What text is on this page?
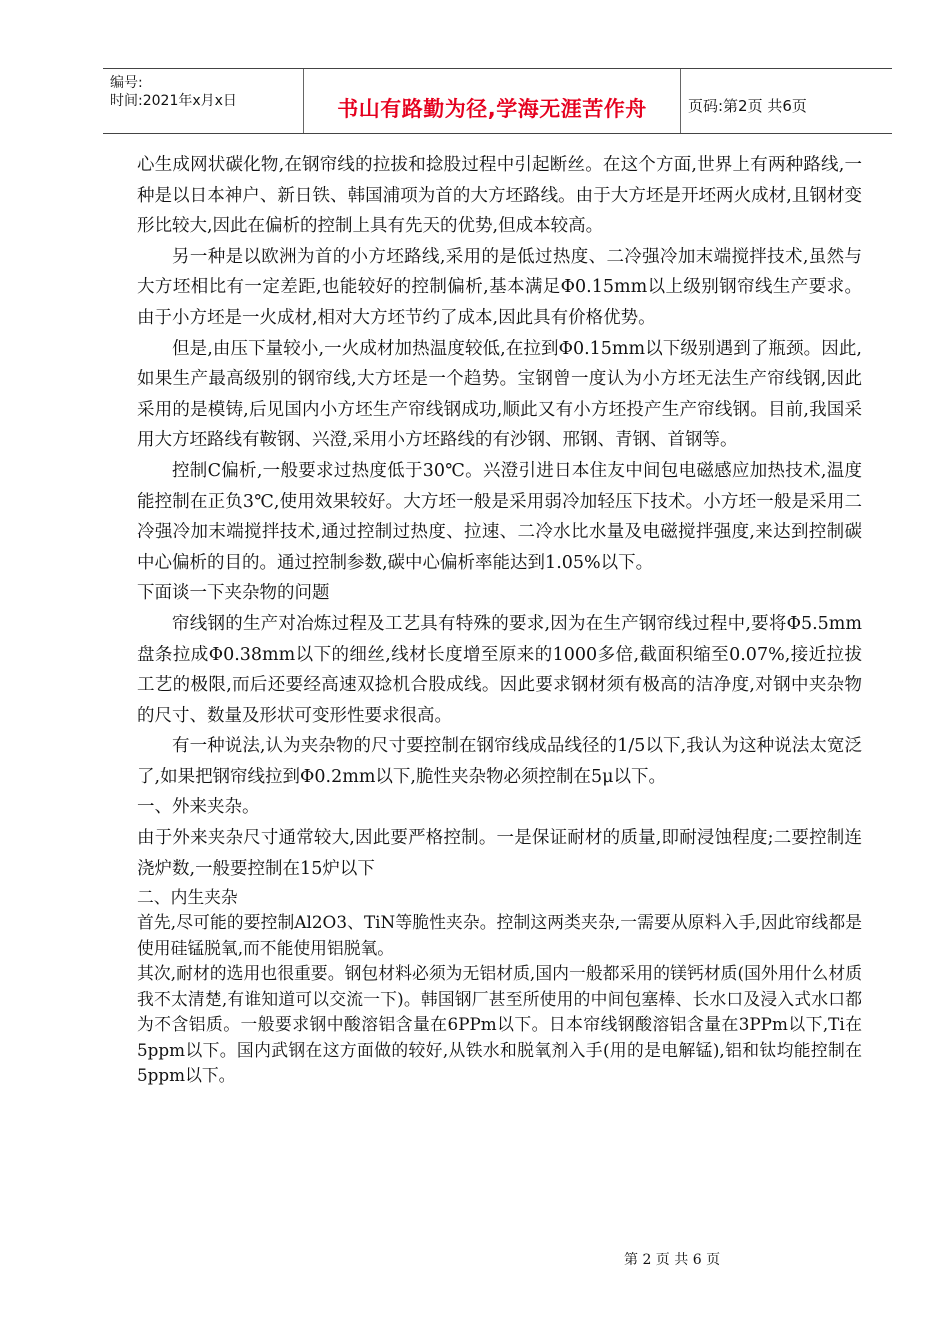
编号:
时间:2021年x月x日	书山有路勤为径,学海无涯苦作舟	页码:第2页 共6页

心生成网状碳化物,在钢帘线的拉拔和捻股过程中引起断丝。在这个方面,世界上有两种路线,一种是以日本神户、新日铁、韩国浦项为首的大方坯路线。由于大方坯是开坯两火成材,且钢材变形比较大,因此在偏析的控制上具有先天的优势,但成本较高。

另一种是以欧洲为首的小方坯路线,采用的是低过热度、二冷强冷加末端搅拌技术,虽然与大方坯相比有一定差距,也能较好的控制偏析,基本满足Φ0.15mm以上级别钢帘线生产要求。由于小方坯是一火成材,相对大方坯节约了成本,因此具有价格优势。

但是,由压下量较小,一火成材加热温度较低,在拉到Φ0.15mm以下级别遇到了瓶颈。因此,如果生产最高级别的钢帘线,大方坯是一个趋势。宝钢曾一度认为小方坯无法生产帘线钢,因此采用的是模铸,后见国内小方坯生产帘线钢成功,顺此又有小方坯投产生产帘线钢。目前,我国采用大方坯路线有鞍钢、兴澄,采用小方坯路线的有沙钢、邢钢、青钢、首钢等。

控制C偏析,一般要求过热度低于30℃。兴澄引进日本住友中间包电磁感应加热技术,温度能控制在正负3℃,使用效果较好。大方坯一般是采用弱冷加轻压下技术。小方坯一般是采用二冷强冷加末端搅拌技术,通过控制过热度、拉速、二冷水比水量及电磁搅拌强度,来达到控制碳中心偏析的目的。通过控制参数,碳中心偏析率能达到1.05%以下。

下面谈一下夹杂物的问题

帘线钢的生产对冶炼过程及工艺具有特殊的要求,因为在生产钢帘线过程中,要将Φ5.5mm盘条拉成Φ0.38mm以下的细丝,线材长度增至原来的1000多倍,截面积缩至0.07%,接近拉拔工艺的极限,而后还要经高速双捻机合股成线。因此要求钢材须有极高的洁净度,对钢中夹杂物的尺寸、数量及形状可变形性要求很高。

有一种说法,认为夹杂物的尺寸要控制在钢帘线成品线径的1/5以下,我认为这种说法太宽泛了,如果把钢帘线拉到Φ0.2mm以下,脆性夹杂物必须控制在5μ以下。

一、外来夹杂。

由于外来夹杂尺寸通常较大,因此要严格控制。一是保证耐材的质量,即耐浸蚀程度;二要控制连浇炉数,一般要控制在15炉以下

二、内生夹杂

首先,尽可能的要控制Al2O3、TiN等脆性夹杂。控制这两类夹杂,一需要从原料入手,因此帘线都是使用硅锰脱氧,而不能使用铝脱氧。

其次,耐材的选用也很重要。钢包材料必须为无铝材质,国内一般都采用的镁钙材质(国外用什么材质我不太清楚,有谁知道可以交流一下)。韩国钢厂甚至所使用的中间包塞棒、长水口及浸入式水口都为不含铝质。一般要求钢中酸溶铝含量在6PPm以下。日本帘线钢酸溶铝含量在3PPm以下,Ti在5ppm以下。国内武钢在这方面做的较好,从铁水和脱氧剂入手(用的是电解锰),铝和钛均能控制在5ppm以下。

第 2 页 共 6 页
